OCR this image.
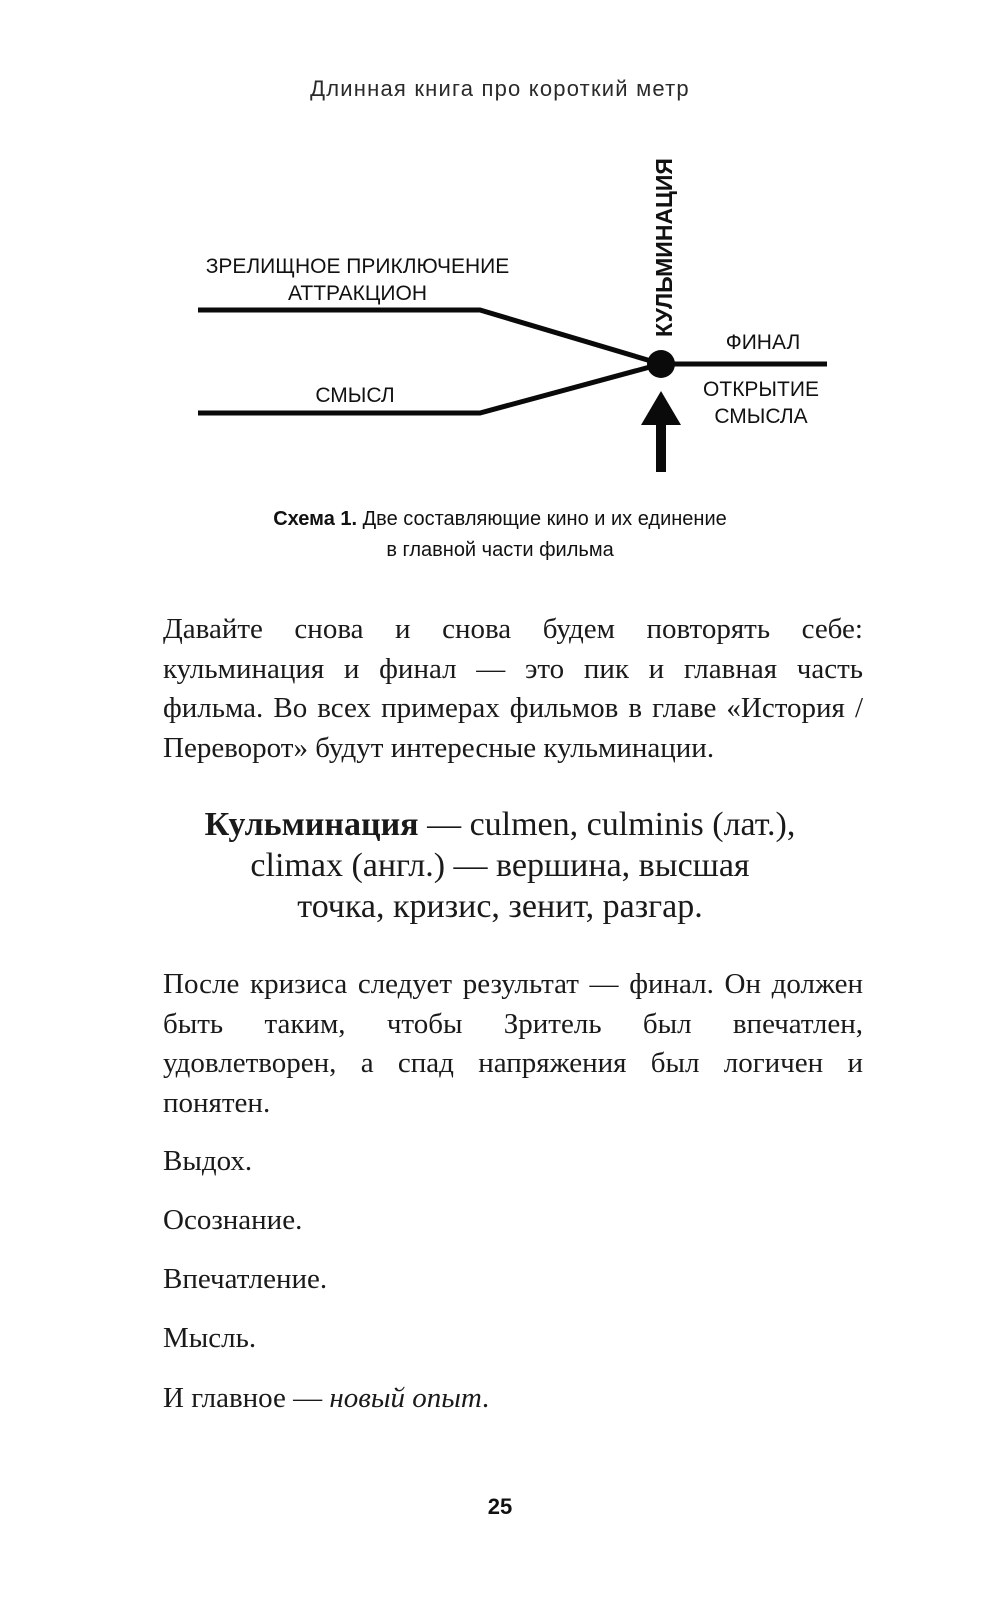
Длинная книга про короткий метр
ЗРЕЛИЩНОЕ ПРИКЛЮЧЕНИЕ
АТТРАКЦИОН
СМЫСЛ
КУЛЬМИНАЦИЯ
ФИНАЛ
ОТКРЫТИЕ
СМЫСЛА
Схема 1. Две составляющие кино и их единение
в главной части фильма

Давайте снова и снова будем повторять себе: кульминация и финал — это пик и главная часть фильма. Во всех примерах фильмов в главе «История / Переворот» будут интересные кульминации.

Кульминация — culmen, culminis (лат.),
climax (англ.) — вершина, высшая
точка, кризис, зенит, разгар.

После кризиса следует результат — финал. Он должен быть таким, чтобы Зритель был впечатлен, удовлетворен, а спад напряжения был логичен и понятен.

Выдох.
Осознание.
Впечатление.
Мысль.
И главное — новый опыт.
25
